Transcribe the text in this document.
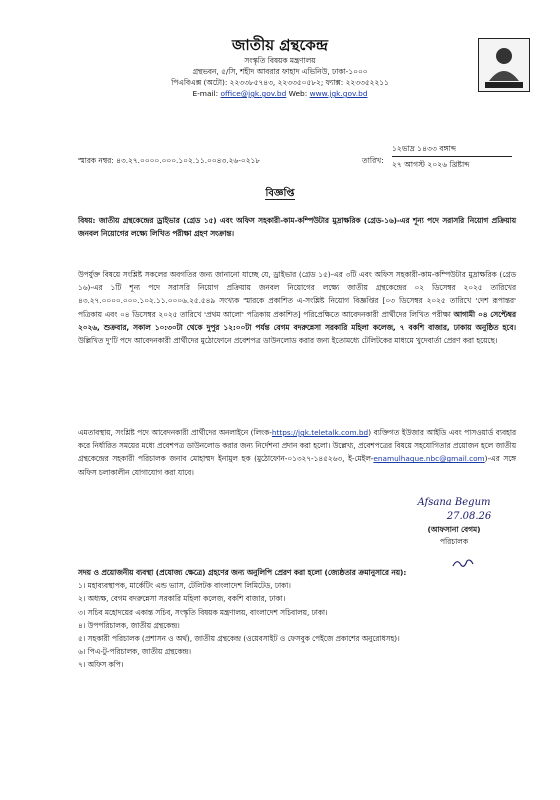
জাতীয় গ্রন্থকেন্দ্র
সংস্কৃতি বিষয়ক মন্ত্রণালয়
গ্রন্থভবন, ৫/সি, শহীদ আবরার ফাহাদ এভিনিউ, ঢাকা-১০০০
পিএবিএক্স (অটো): ২২৩৩৮৫৭৪৩, ২২৩৩৫০৫৮২; ফ্যাক্স: ২২৩৩৫২২১১
E-mail: office@jgk.gov.bd Web: www.jgk.gov.bd
স্মারক নম্বর: ৪৩.২৭.০০০০.০০০.১০২.১১.০০৪৩.২৬-০২১৮	তারিখ:
১২ভাদ্র ১৪৩৩ বঙ্গাব্দ
২৭ আগস্ট ২০২৬ খ্রিষ্টাব্দ
বিজ্ঞপ্তি
বিষয়: জাতীয় গ্রন্থকেন্দ্রের ড্রাইভার (গ্রেড ১৫) এবং অফিস সহকারী-কাম-কম্পিউটার মুদ্রাক্ষরিক (গ্রেড-১৬)-এর শূন্য পদে সরাসরি নিয়োগ প্রক্রিয়ায় জনবল নিয়োগের লক্ষ্যে লিখিত পরীক্ষা গ্রহণ সংক্রান্ত।
উপর্যুক্ত বিষয়ে সংশ্লিষ্ট সকলের অবগতির জন্য জানানো যাচ্ছে যে, ড্রাইভার (গ্রেড ১৫)-এর ৩টি এবং অফিস সহকারী-কাম-কম্পিউটার মুদ্রাক্ষরিক (গ্রেড ১৬)-এর ১টি শূন্য পদে সরাসরি নিয়োগ প্রক্রিয়ায় জনবল নিয়োগের লক্ষ্যে জাতীয় গ্রন্থকেন্দ্রের ০২ ডিসেম্বর ২০২৫ তারিখের ৪৩.২৭.০০০০.০০০.১০২.১১.০০০৬.২৫.৫৪৯ সংখ্যক স্মারকে প্রকাশিত এ-সংশ্লিষ্ট নিয়োগ বিজ্ঞপ্তির [০৩ ডিসেম্বর ২০২৫ তারিখে 'দেশ রূপান্তর' পত্রিকায় এবং ০৪ ডিসেম্বর ২০২৫ তারিখে 'প্রথম আলো' পত্রিকায় প্রকাশিত] পরিপ্রেক্ষিতে আবেদনকারী প্রার্থীদের লিখিত পরীক্ষা আগামী ০৪ সেপ্টেম্বর ২০২৬, শুক্রবার, সকাল ১০:৩০টা থেকে দুপুর ১২:০০টা পর্যন্ত বেগম বদরুন্নেসা সরকারি মহিলা কলেজ, ৭ বকশি বাজার, ঢাকায় অনুষ্ঠিত হবে। উল্লিখিত দু'টি পদে আবেদনকারী প্রার্থীদের মুঠোফোনে প্রবেশপত্র ডাউনলোড করার জন্য ইতোমধ্যে টেলিটকের মাধ্যমে খুদেবার্তা প্রেরণ করা হয়েছে।
এমতাবস্থায়, সংশ্লিষ্ট পদে আবেদনকারী প্রার্থীদের অনলাইনে (লিংক-https://jgk.teletalk.com.bd) ব্যক্তিগত ইউজার আইডি এবং পাসওয়ার্ড ব্যবহার করে নির্ধারিত সময়ের মধ্যে প্রবেশপত্র ডাউনলোড করার জন্য নির্দেশনা প্রদান করা হলো। উল্লেখ্য, প্রবেশপত্রের বিষয়ে সহযোগিতার প্রয়োজন হলে জাতীয় গ্রন্থকেন্দ্রের সহকারী পরিচালক জনাব মোহাম্মদ ইনামুল হক (মুঠোফোন-০১৩২৭-১৪৫২৬৩, ই-মেইল-enamulhaque.nbc@gmail.com)-এর সঙ্গে অফিস চলাকালীন যোগাযোগ করা যাবে।
Afsana Begum
27.08.26
(আফসানা বেগম)
পরিচালক
সদয় ও প্রয়োজনীয় ব্যবস্থা (প্রযোজ্য ক্ষেত্রে) গ্রহণের জন্য অনুলিপি প্রেরণ করা হলো (জ্যেষ্ঠতার ক্রমানুসারে নয়):
১। মহাব্যবস্থাপক, মার্কেটিং এন্ড ভ্যাস, টেলিটক বাংলাদেশ লিমিটেড, ঢাকা।
২। অধ্যক্ষ, বেগম বদরুন্নেসা সরকারি মহিলা কলেজ, বকশি বাজার, ঢাকা।
৩। সচিব মহোদয়ের একান্ত সচিব, সংস্কৃতি বিষয়ক মন্ত্রণালয়, বাংলাদেশ সচিবালয়, ঢাকা।
৪। উপপরিচালক, জাতীয় গ্রন্থকেন্দ্র।
৫। সহকারী পরিচালক (প্রশাসন ও অর্থ), জাতীয় গ্রন্থকেন্দ্র (ওয়েবসাইট ও ফেসবুক পেইজে প্রকাশের অনুরোধসহ)।
৬। পিএ-টু-পরিচালক, জাতীয় গ্রন্থকেন্দ্র।
৭। অফিস কপি।
